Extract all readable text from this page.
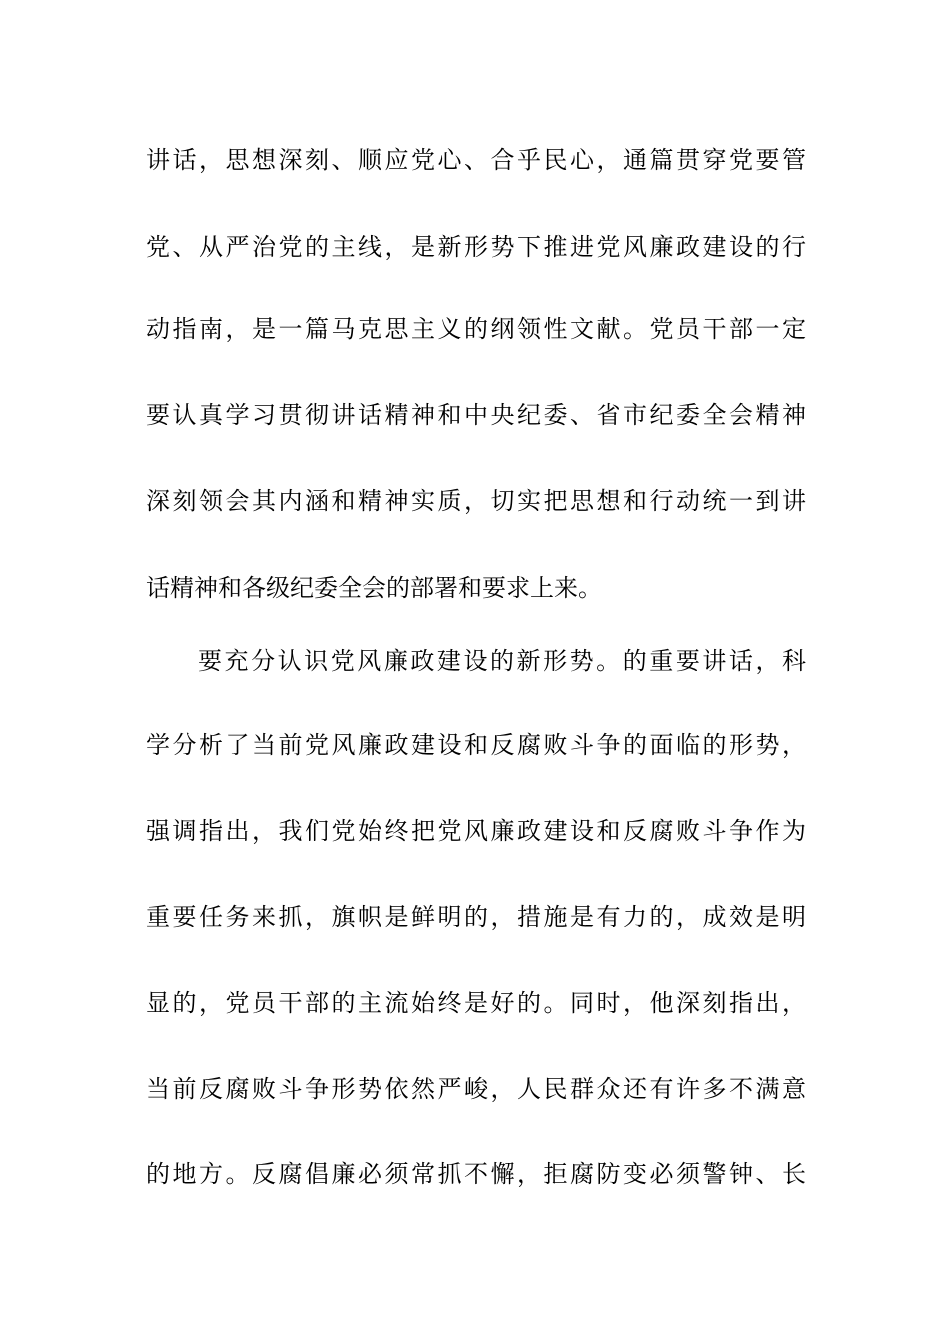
讲话，思想深刻、顺应党心、合乎民心，通篇贯穿党要管
党、从严治党的主线，是新形势下推进党风廉政建设的行
动指南，是一篇马克思主义的纲领性文献。党员干部一定
要认真学习贯彻讲话精神和中央纪委、省市纪委全会精神
深刻领会其内涵和精神实质，切实把思想和行动统一到讲
话精神和各级纪委全会的部署和要求上来。
要充分认识党风廉政建设的新形势。的重要讲话，科
学分析了当前党风廉政建设和反腐败斗争的面临的形势，
强调指出，我们党始终把党风廉政建设和反腐败斗争作为
重要任务来抓，旗帜是鲜明的，措施是有力的，成效是明
显的，党员干部的主流始终是好的。同时，他深刻指出，
当前反腐败斗争形势依然严峻，人民群众还有许多不满意
的地方。反腐倡廉必须常抓不懈，拒腐防变必须警钟、长
